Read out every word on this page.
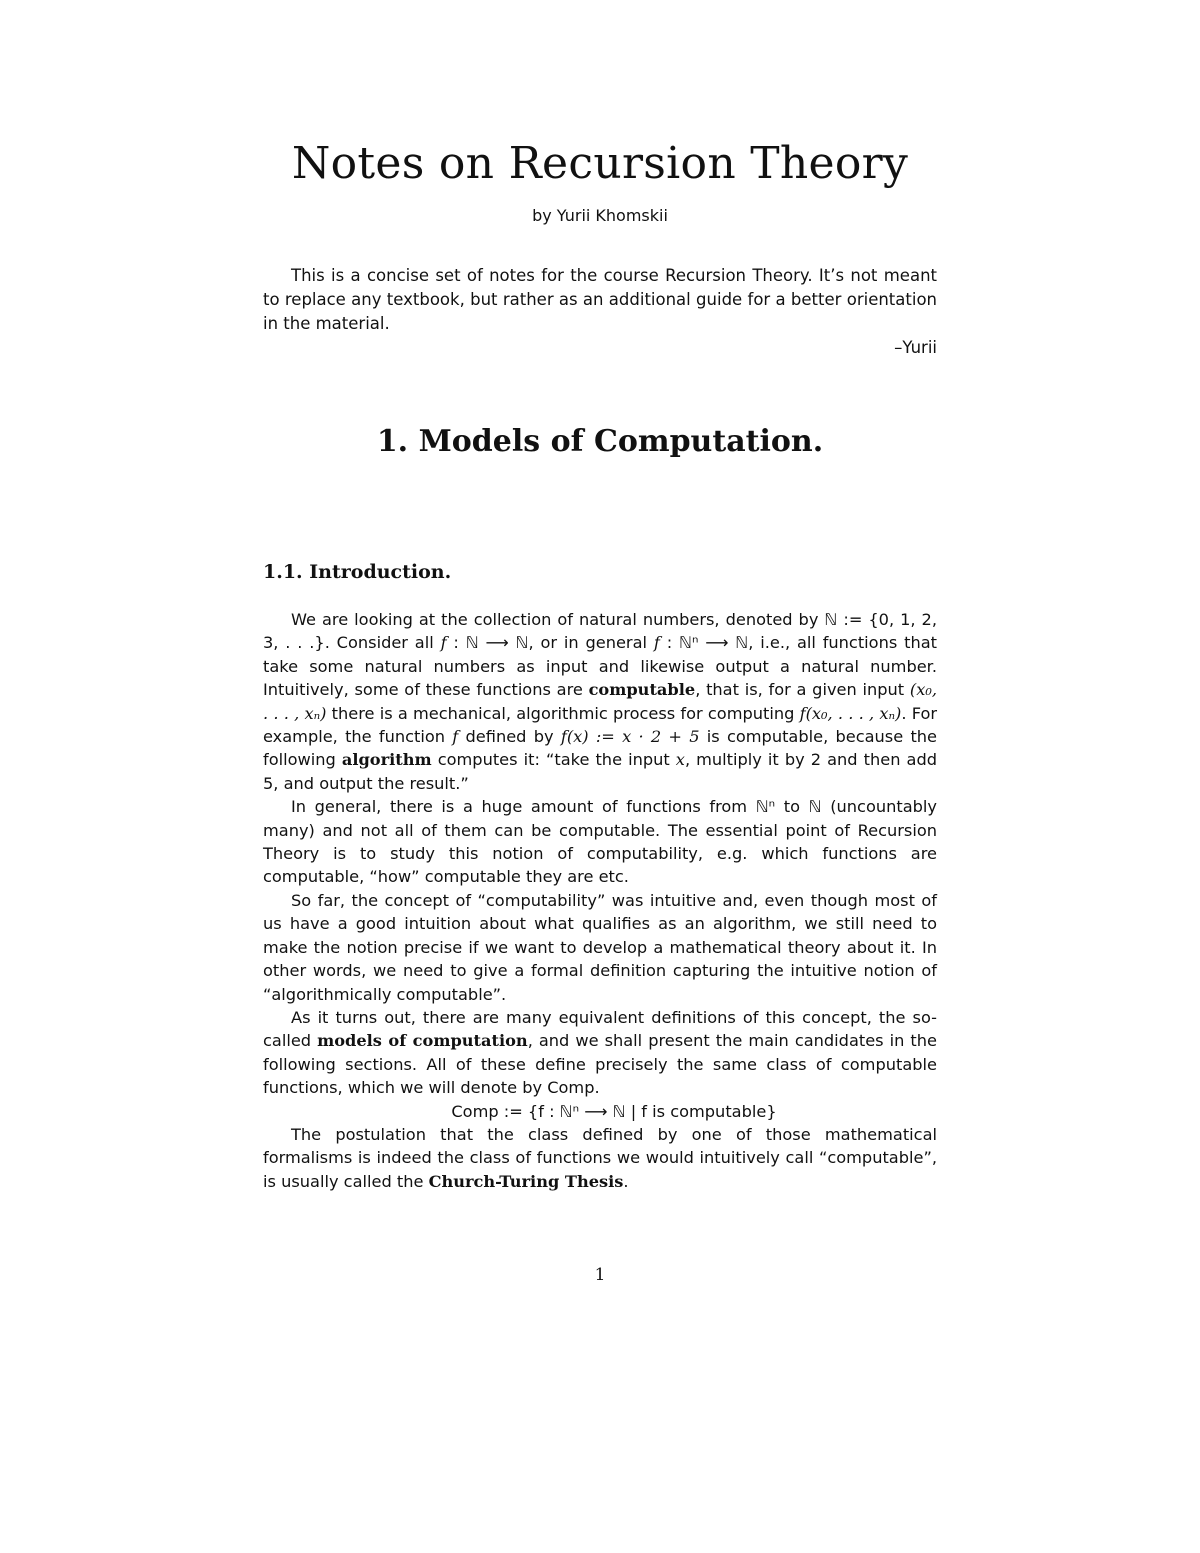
Notes on Recursion Theory
by Yurii Khomskii

This is a concise set of notes for the course Recursion Theory. It’s not meant to replace any textbook, but rather as an additional guide for a better orientation in the material.

–Yurii
1. Models of Computation.
1.1. Introduction.

We are looking at the collection of natural numbers, denoted by ℕ := {0, 1, 2, 3, . . .}. Consider all f : ℕ ⟶ ℕ, or in general f : ℕⁿ ⟶ ℕ, i.e., all functions that take some natural numbers as input and likewise output a natural number. Intuitively, some of these functions are computable, that is, for a given input (x₀, . . . , xₙ) there is a mechanical, algorithmic process for computing f(x₀, . . . , xₙ). For example, the function f defined by f(x) := x · 2 + 5 is computable, because the following algorithm computes it: “take the input x, multiply it by 2 and then add 5, and output the result.”

In general, there is a huge amount of functions from ℕⁿ to ℕ (uncountably many) and not all of them can be computable. The essential point of Recursion Theory is to study this notion of computability, e.g. which functions are computable, “how” computable they are etc.

So far, the concept of “computability” was intuitive and, even though most of us have a good intuition about what qualifies as an algorithm, we still need to make the notion precise if we want to develop a mathematical theory about it. In other words, we need to give a formal definition capturing the intuitive notion of “algorithmically computable”.

As it turns out, there are many equivalent definitions of this concept, the so-called models of computation, and we shall present the main candidates in the following sections. All of these define precisely the same class of computable functions, which we will denote by Comp.

Comp := {f : ℕⁿ ⟶ ℕ | f is computable}

The postulation that the class defined by one of those mathematical formalisms is indeed the class of functions we would intuitively call “computable”, is usually called the Church-Turing Thesis.

1
